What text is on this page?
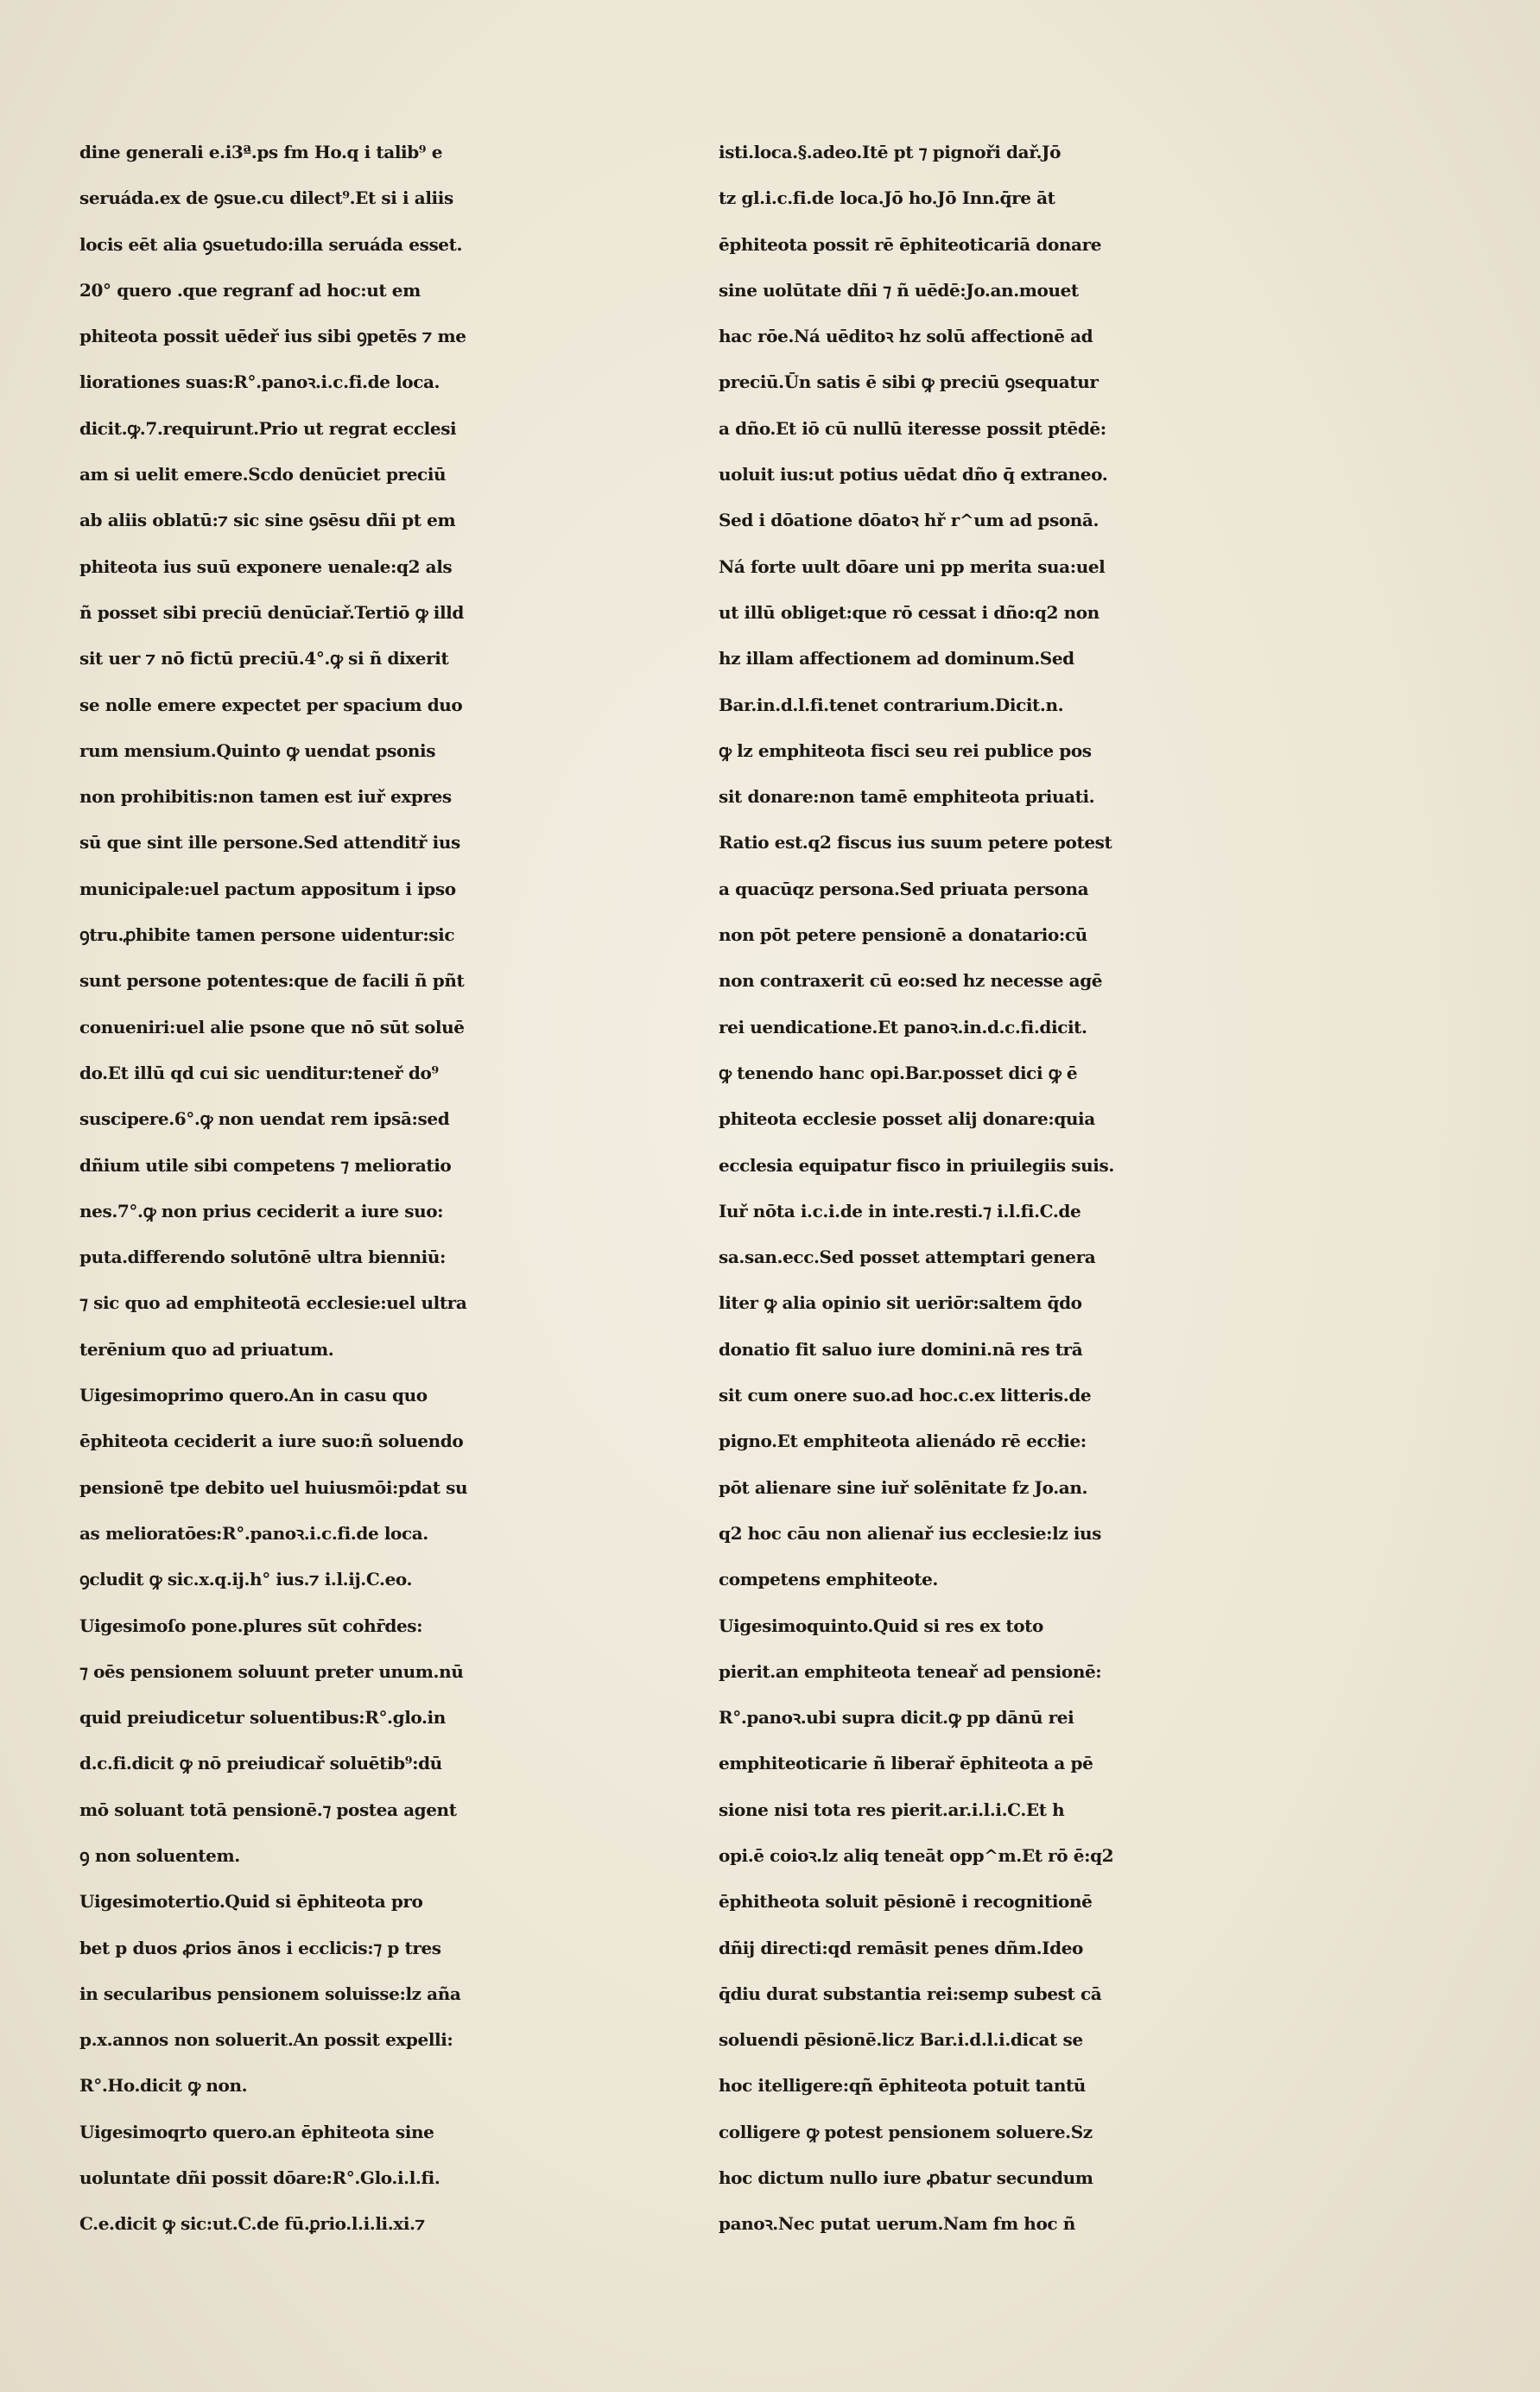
dine generali e.i3ª.ps fm Ho.q i talib⁹ e
seruáda.ex de ꝯsue.cu dilect⁹.Et si i aliis
locis eēt alia ꝯsuetudo:illa seruáda esset.
20° quero .que regranf ad hoc:ut em
phiteota possit uēdeř ius sibi ꝯpetēs ⁊ me
liorationes suas:R°.panoꝛ.i.c.fi.de loca.
dicit.ꝙ.7.requirunt.Prio ut regrat ecclesi
am si uelit emere.Scdo denūciet preciū
ab aliis oblatū:⁊ sic sine ꝯsēsu dñi pt em
phiteota ius suū exponere uenale:q2 als
ñ posset sibi preciū denūciař.Tertiō ꝙ illd
sit uer ⁊ nō fictū preciū.4°.ꝙ si ñ dixerit
se nolle emere expectet per spacium duo
rum mensium.Quinto ꝙ uendat psonis
non prohibitis:non tamen est iuř expres
sū que sint ille persone.Sed attenditř ius
municipale:uel pactum appositum i ipso
ꝯtru.ꝓhibite tamen persone uidentur:sic
sunt persone potentes:que de facili ñ pñt
conueniri:uel alie psone que nō sūt soluē
do.Et illū qd cui sic uenditur:teneř do⁹
suscipere.6°.ꝙ non uendat rem ipsā:sed
dñium utile sibi competens ⁊ melioratio
nes.7°.ꝙ non prius ceciderit a iure suo:
puta.differendo solutōnē ultra bienniū:
⁊ sic quo ad emphiteotā ecclesie:uel ultra
terēnium quo ad priuatum.
Uigesimoprimo quero.An in casu quo
ēphiteota ceciderit a iure suo:ñ soluendo
pensionē tpe debito uel huiusmōi:pdat su
as melioratōes:R°.panoꝛ.i.c.fi.de loca.
ꝯcludit ꝙ sic.x.q.ij.h° ius.⁊ i.l.ij.C.eo.
Uigesimoſo pone.plures sūt cohr̄des:
⁊ oēs pensionem soluunt preter unum.nū
quid preiudicetur soluentibus:R°.glo.in
d.c.fi.dicit ꝙ nō preiudicař soluētib⁹:dū
mō soluant totā pensionē.⁊ postea agent
ꝯ non soluentem.
Uigesimotertio.Quid si ēphiteota pro
bet p duos ꝓrios ānos i ecclicis:⁊ p tres
in secularibus pensionem soluisse:lz aña
p.x.annos non soluerit.An possit expelli:
R°.Ho.dicit ꝙ non.
Uigesimoqrto quero.an ēphiteota sine
uoluntate dñi possit dōare:R°.Glo.i.l.fi.
C.e.dicit ꝙ sic:ut.C.de fū.ꝑrio.l.i.li.xi.⁊
isti.loca.§.adeo.Itē pt ⁊ pignoři dař.Jō
tz gl.i.c.fi.de loca.Jō ho.Jō Inn.q̄re āt
ēphiteota possit rē ēphiteoticariā donare
sine uolūtate dñi ⁊ ñ uēdē:Jo.an.mouet
hac rōe.Ná uēditoꝛ hz solū affectionē ad
preciū.Ūn satis ē sibi ꝙ preciū ꝯsequatur
a dño.Et iō cū nullū iteresse possit ptēdē:
uoluit ius:ut potius uēdat dño q̄ extraneo.
Sed i dōatione dōatoꝛ hř r^um ad psonā.
Ná forte uult dōare uni pp merita sua:uel
ut illū obliget:que rō cessat i dño:q2 non
hz illam affectionem ad dominum.Sed
Bar.in.d.l.fi.tenet contrarium.Dicit.n.
ꝙ lz emphiteota fisci seu rei publice pos
sit donare:non tamē emphiteota priuati.
Ratio est.q2 fiscus ius suum petere potest
a quacūqz persona.Sed priuata persona
non pōt petere pensionē a donatario:cū
non contraxerit cū eo:sed hz necesse agē
rei uendicatione.Et panoꝛ.in.d.c.fi.dicit.
ꝙ tenendo hanc opi.Bar.posset dici ꝙ ē
phiteota ecclesie posset alij donare:quia
ecclesia equipatur fisco in priuilegiis suis.
Iuř nōta i.c.i.de in inte.resti.⁊ i.l.fi.C.de
sa.san.ecc.Sed posset attemptari genera
liter ꝙ alia opinio sit ueriōr:saltem q̄do
donatio fit saluo iure domini.nā res trā
sit cum onere suo.ad hoc.c.ex litteris.de
pigno.Et emphiteota alienádo rē eccłie:
pōt alienare sine iuř solēnitate fz Jo.an.
q2 hoc cāu non alienař ius ecclesie:lz ius
competens emphiteote.
Uigesimoquinto.Quid si res ex toto
pierit.an emphiteota teneař ad pensionē:
R°.panoꝛ.ubi supra dicit.ꝙ pp dānū rei
emphiteoticarie ñ liberař ēphiteota a pē
sione nisi tota res pierit.ar.i.l.i.C.Et h
opi.ē coioꝛ.lz aliq teneāt opp^m.Et rō ē:q2
ēphitheota soluit pēsionē i recognitionē
dñij directi:qd remāsit penes dñm.Ideo
q̄diu durat substantia rei:semp subest cā
soluendi pēsionē.licz Bar.i.d.l.i.dicat se
hoc itelligere:qñ ēphiteota potuit tantū
colligere ꝙ potest pensionem soluere.Sz
hoc dictum nullo iure ꝓbatur secundum
panoꝛ.Nec putat uerum.Nam fm hoc ñ
